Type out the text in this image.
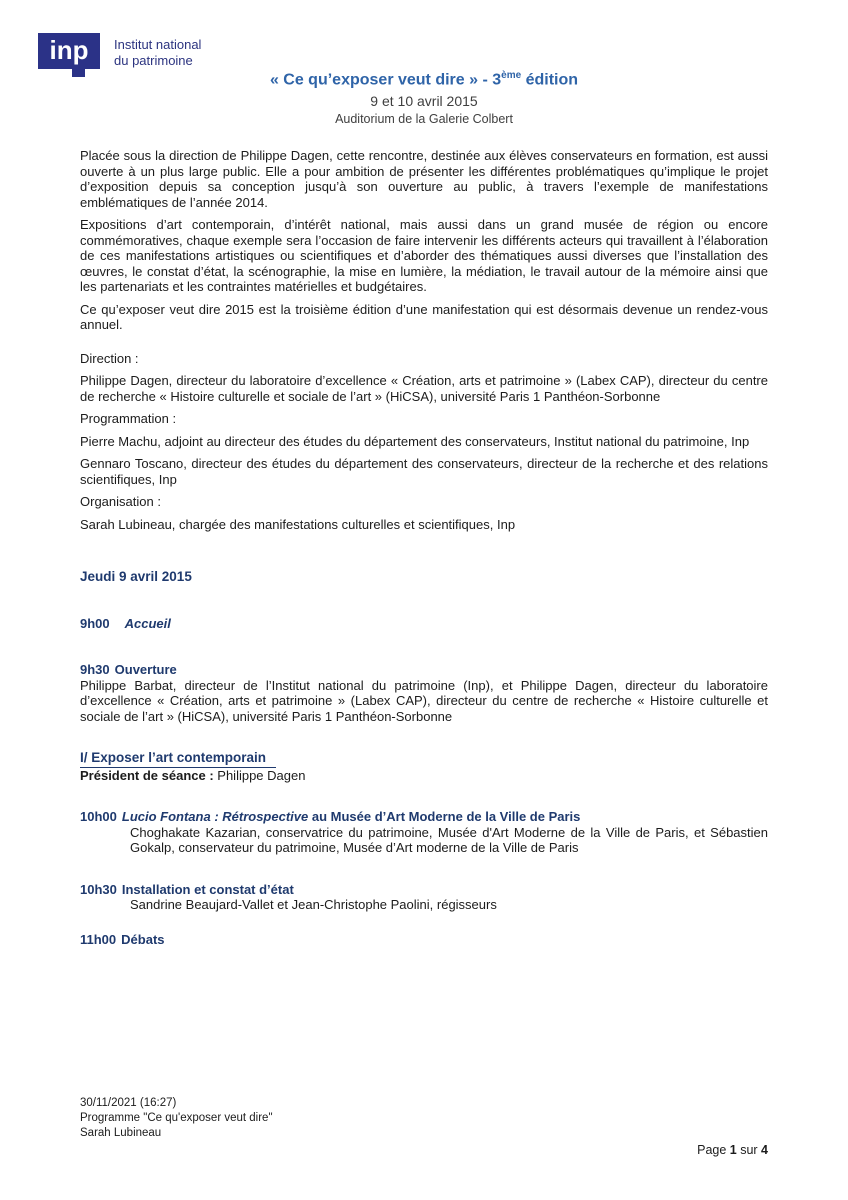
inp Institut national
du patrimoine
« Ce qu’exposer veut dire » - 3ème édition
9 et 10 avril 2015
Auditorium de la Galerie Colbert

Placée sous la direction de Philippe Dagen, cette rencontre, destinée aux élèves conservateurs en formation, est aussi ouverte à un plus large public. Elle a pour ambition de présenter les différentes problématiques qu’implique le projet d’exposition depuis sa conception jusqu’à son ouverture au public, à travers l’exemple de manifestations emblématiques de l’année 2014.

Expositions d’art contemporain, d’intérêt national, mais aussi dans un grand musée de région ou encore commémoratives, chaque exemple sera l’occasion de faire intervenir les différents acteurs qui travaillent à l’élaboration de ces manifestations artistiques ou scientifiques et d’aborder des thématiques aussi diverses que l’installation des œuvres, le constat d’état, la scénographie, la mise en lumière, la médiation, le travail autour de la mémoire ainsi que les partenariats et les contraintes matérielles et budgétaires.

Ce qu’exposer veut dire 2015 est la troisième édition d’une manifestation qui est désormais devenue un rendez-vous annuel.

Direction :

Philippe Dagen, directeur du laboratoire d’excellence « Création, arts et patrimoine » (Labex CAP), directeur du centre de recherche « Histoire culturelle et sociale de l’art » (HiCSA), université Paris 1 Panthéon-Sorbonne

Programmation :

Pierre Machu, adjoint au directeur des études du département des conservateurs, Institut national du patrimoine, Inp

Gennaro Toscano, directeur des études du département des conservateurs, directeur de la recherche et des relations scientifiques, Inp

Organisation :

Sarah Lubineau, chargée des manifestations culturelles et scientifiques, Inp

Jeudi 9 avril 2015
9h00 Accueil
9h30 Ouverture

Philippe Barbat, directeur de l’Institut national du patrimoine (Inp), et Philippe Dagen, directeur du laboratoire d’excellence « Création, arts et patrimoine » (Labex CAP), directeur du centre de recherche « Histoire culturelle et sociale de l’art » (HiCSA), université Paris 1 Panthéon-Sorbonne

I/ Exposer l’art contemporain

Président de séance : Philippe Dagen

10h00 Lucio Fontana : Rétrospective au Musée d’Art Moderne de la Ville de Paris

Choghakate Kazarian, conservatrice du patrimoine, Musée d'Art Moderne de la Ville de Paris, et Sébastien Gokalp, conservateur du patrimoine, Musée d’Art moderne de la Ville de Paris

10h30 Installation et constat d’état

Sandrine Beaujard-Vallet et Jean-Christophe Paolini, régisseurs

11h00 Débats
30/11/2021 (16:27)
Programme "Ce qu'exposer veut dire"
Sarah Lubineau
Page 1 sur 4
